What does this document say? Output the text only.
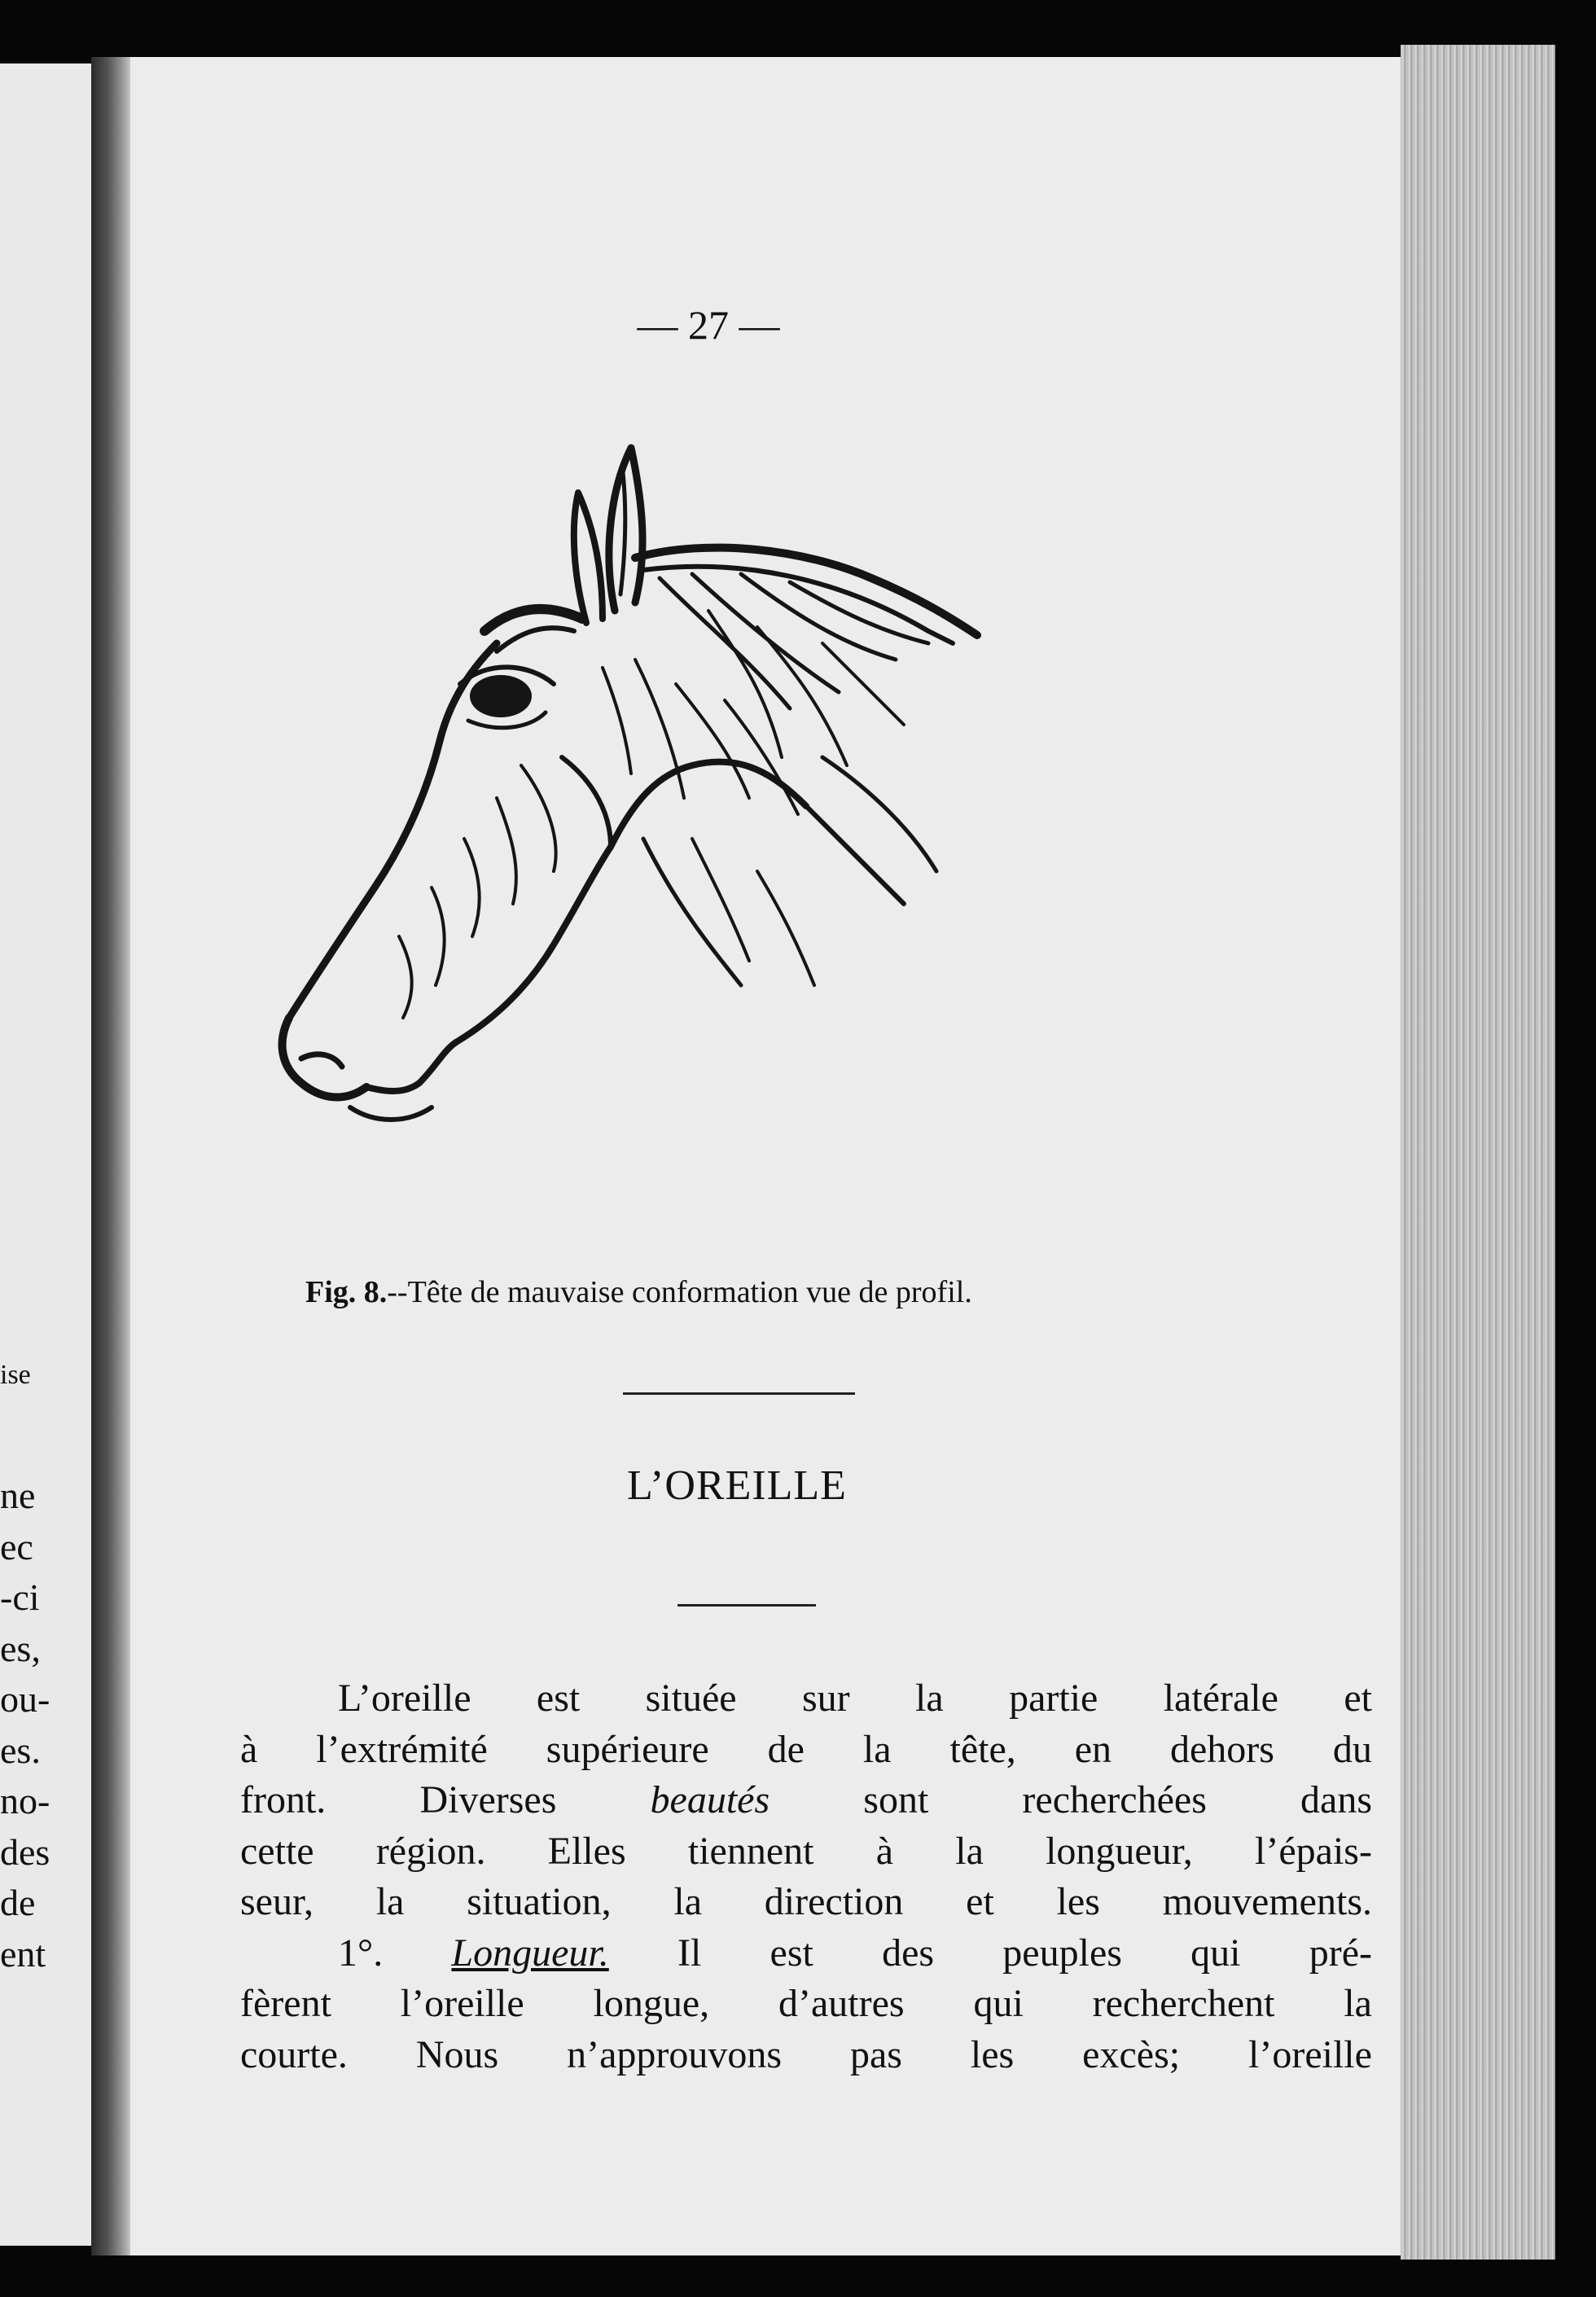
ise
ne
ec
-ci
es,
ou-
es.
no-
des
de
ent
— 27 —
Fig. 8.--Tête de mauvaise conformation vue de profil.
L’OREILLE
L’oreille est située sur la partie latérale et
à l’extrémité supérieure de la tête, en dehors du
front. Diverses beautés sont recherchées dans
cette région. Elles tiennent à la longueur, l’épais-
seur, la situation, la direction et les mouvements.
1°. Longueur. Il est des peuples qui pré-
fèrent l’oreille longue, d’autres qui recherchent la
courte. Nous n’approuvons pas les excès; l’oreille
